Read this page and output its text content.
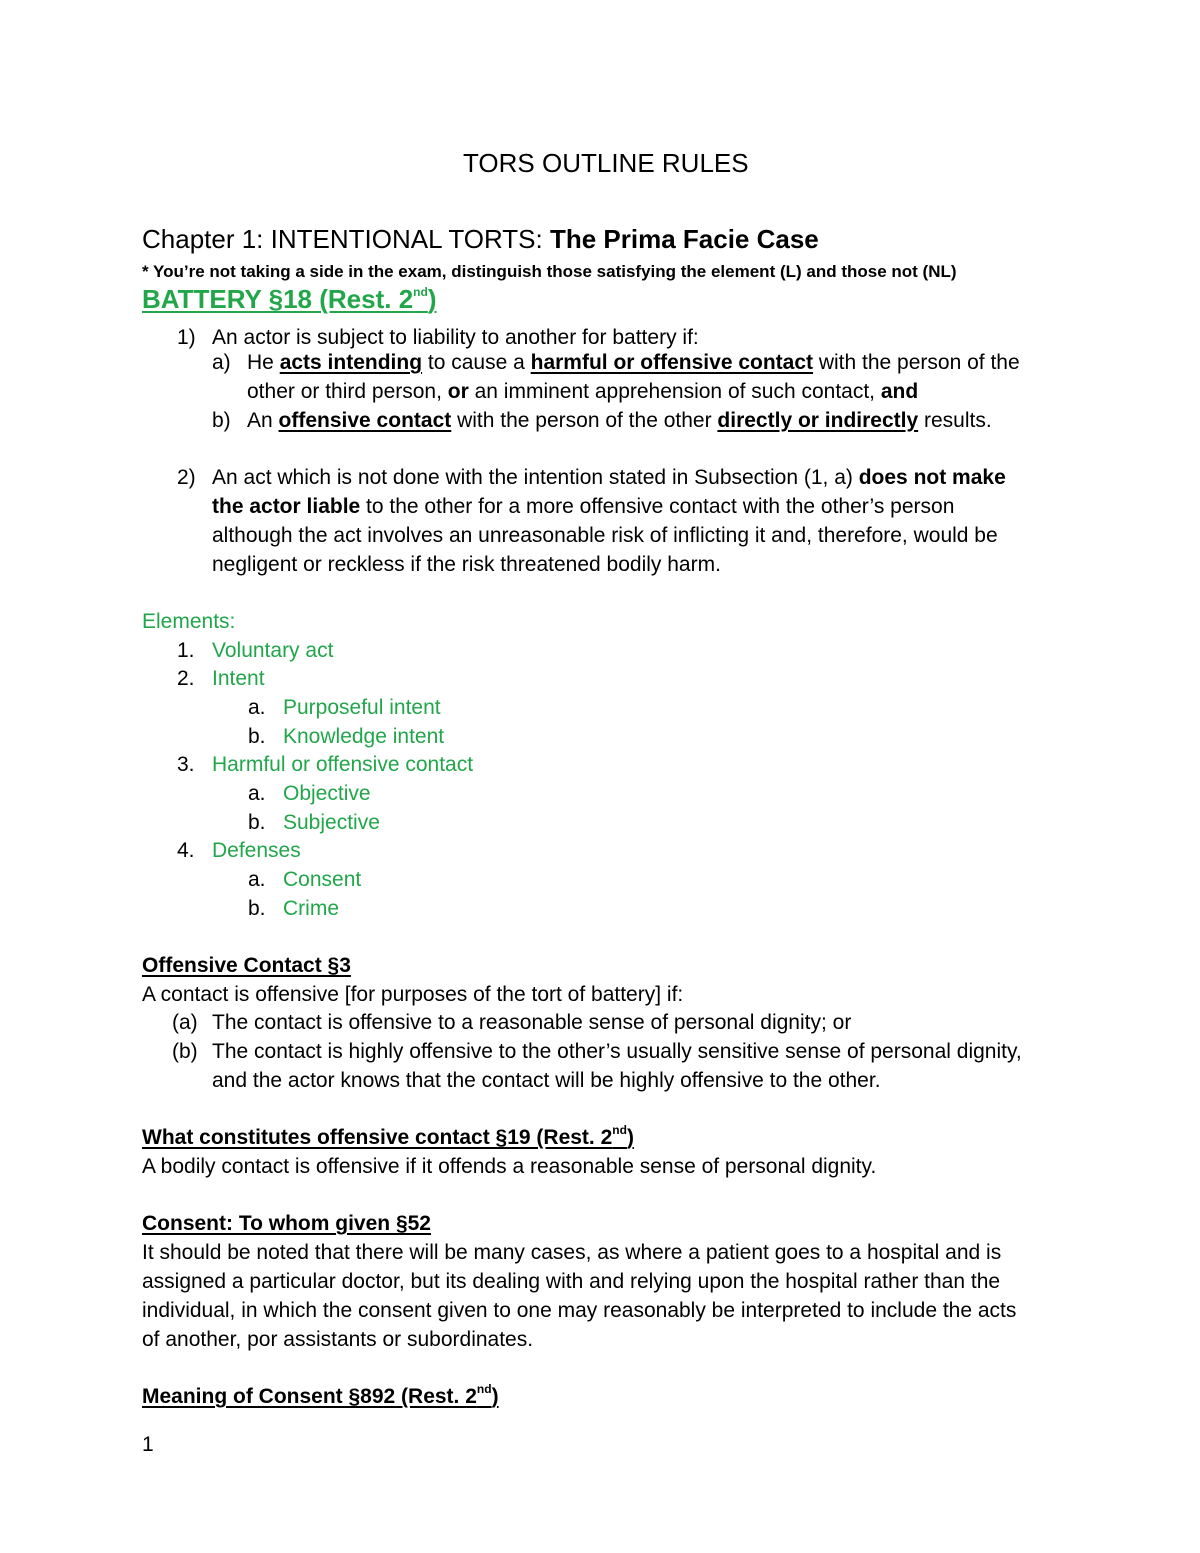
TORS OUTLINE RULES
Chapter 1: INTENTIONAL TORTS: The Prima Facie Case
* You’re not taking a side in the exam, distinguish those satisfying the element (L) and those not (NL)
BATTERY §18 (Rest. 2nd)
1) An actor is subject to liability to another for battery if:
a) He acts intending to cause a harmful or offensive contact with the person of the
other or third person, or an imminent apprehension of such contact, and
b) An offensive contact with the person of the other directly or indirectly results.
2) An act which is not done with the intention stated in Subsection (1, a) does not make
the actor liable to the other for a more offensive contact with the other’s person
although the act involves an unreasonable risk of inflicting it and, therefore, would be
negligent or reckless if the risk threatened bodily harm.
Elements:
1. Voluntary act
2. Intent
a. Purposeful intent
b. Knowledge intent
3. Harmful or offensive contact
a. Objective
b. Subjective
4. Defenses
a. Consent
b. Crime
Offensive Contact §3
A contact is offensive [for purposes of the tort of battery] if:
(a) The contact is offensive to a reasonable sense of personal dignity; or
(b) The contact is highly offensive to the other’s usually sensitive sense of personal dignity,
and the actor knows that the contact will be highly offensive to the other.
What constitutes offensive contact §19 (Rest. 2nd)
A bodily contact is offensive if it offends a reasonable sense of personal dignity.
Consent: To whom given §52
It should be noted that there will be many cases, as where a patient goes to a hospital and is
assigned a particular doctor, but its dealing with and relying upon the hospital rather than the
individual, in which the consent given to one may reasonably be interpreted to include the acts
of another, por assistants or subordinates.
Meaning of Consent §892 (Rest. 2nd)
1
